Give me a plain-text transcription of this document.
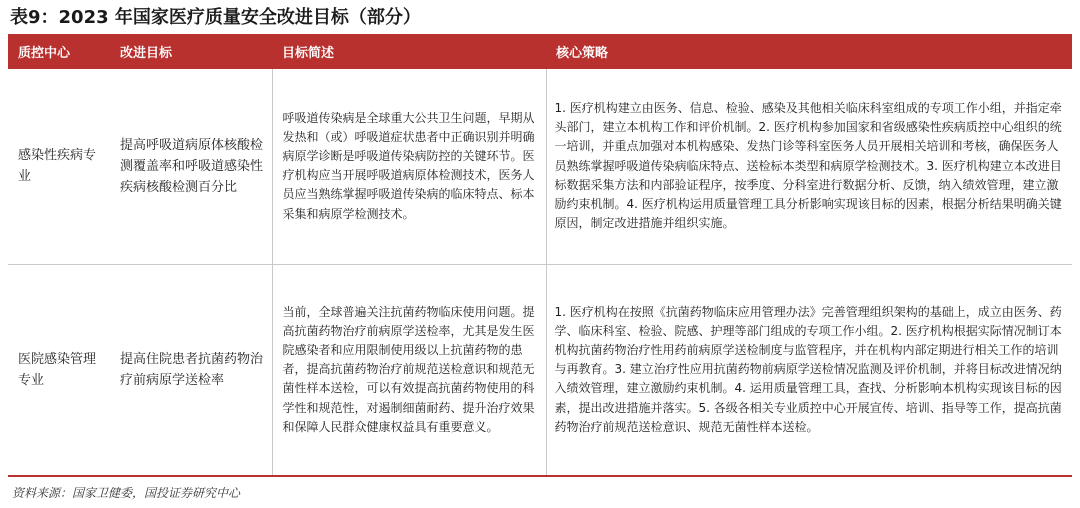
表9：2023 年国家医疗质量安全改进目标（部分）
质控中心	改进目标	目标简述	核心策略
感染性疾病专业	提高呼吸道病原体核酸检测覆盖率和呼吸道感染性疾病核酸检测百分比	呼吸道传染病是全球重大公共卫生问题，早期从发热和（或）呼吸道症状患者中正确识别并明确病原学诊断是呼吸道传染病防控的关键环节。医疗机构应当开展呼吸道病原体检测技术，医务人员应当熟练掌握呼吸道传染病的临床特点、标本采集和病原学检测技术。	1. 医疗机构建立由医务、信息、检验、感染及其他相关临床科室组成的专项工作小组，并指定牵头部门，建立本机构工作和评价机制。2. 医疗机构参加国家和省级感染性疾病质控中心组织的统一培训，并重点加强对本机构感染、发热门诊等科室医务人员开展相关培训和考核，确保医务人员熟练掌握呼吸道传染病临床特点、送检标本类型和病原学检测技术。3. 医疗机构建立本改进目标数据采集方法和内部验证程序，按季度、分科室进行数据分析、反馈，纳入绩效管理，建立激励约束机制。4. 医疗机构运用质量管理工具分析影响实现该目标的因素，根据分析结果明确关键原因，制定改进措施并组织实施。
医院感染管理专业	提高住院患者抗菌药物治疗前病原学送检率	当前，全球普遍关注抗菌药物临床使用问题。提高抗菌药物治疗前病原学送检率，尤其是发生医院感染者和应用限制使用级以上抗菌药物的患者，提高抗菌药物治疗前规范送检意识和规范无菌性样本送检，可以有效提高抗菌药物使用的科学性和规范性，对遏制细菌耐药、提升治疗效果和保障人民群众健康权益具有重要意义。	1. 医疗机构在按照《抗菌药物临床应用管理办法》完善管理组织架构的基础上，成立由医务、药学、临床科室、检验、院感、护理等部门组成的专项工作小组。2. 医疗机构根据实际情况制订本机构抗菌药物治疗性用药前病原学送检制度与监管程序，并在机构内部定期进行相关工作的培训与再教育。3. 建立治疗性应用抗菌药物前病原学送检情况监测及评价机制，并将目标改进情况纳入绩效管理，建立激励约束机制。4. 运用质量管理工具，查找、分析影响本机构实现该目标的因素，提出改进措施并落实。5. 各级各相关专业质控中心开展宣传、培训、指导等工作，提高抗菌药物治疗前规范送检意识、规范无菌性样本送检。
资料来源：国家卫健委，国投证券研究中心
